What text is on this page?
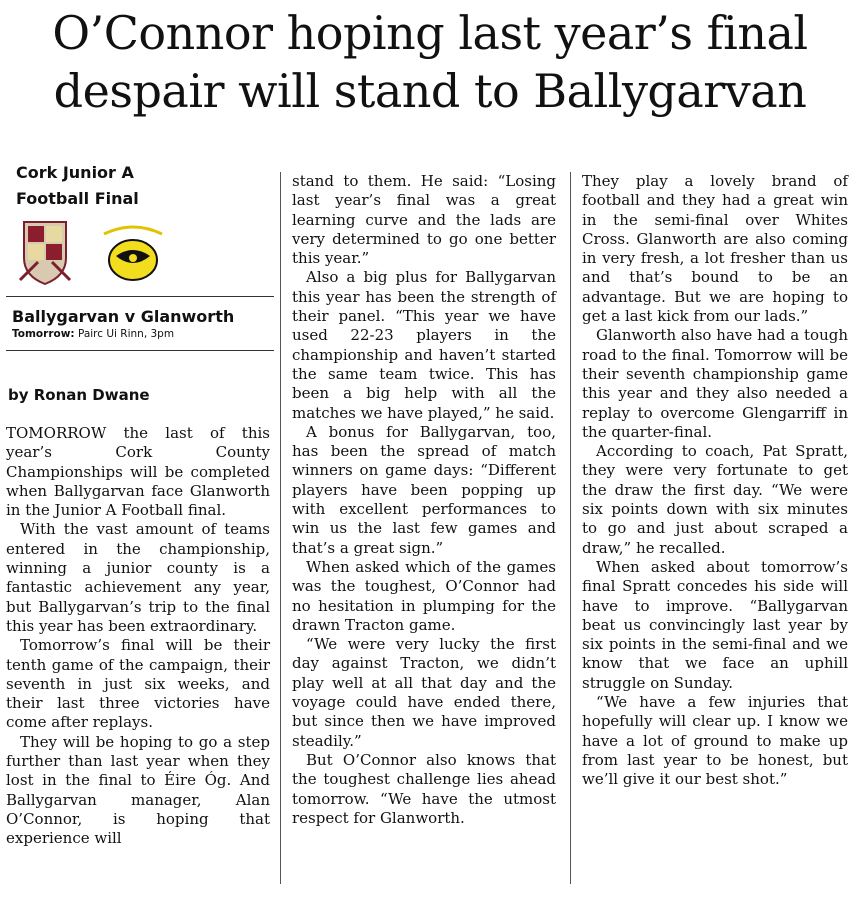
O’Connor hoping last year’s final
despair will stand to Ballygarvan
Cork Junior A
Football Final
Ballygarvan v Glanworth
Tomorrow: Pairc Ui Rinn, 3pm
by Ronan Dwane

TOMORROW the last of this year’s Cork County Championships will be completed when Ballygarvan face Glanworth in the Junior A Football final.

With the vast amount of teams entered in the championship, winning a junior county is a fantastic achievement any year, but Ballygarvan’s trip to the final this year has been extraordinary.

Tomorrow’s final will be their tenth game of the campaign, their seventh in just six weeks, and their last three victories have come after replays.

They will be hoping to go a step further than last year when they lost in the final to Éire Óg. And Ballygarvan manager, Alan O’Connor, is hoping that experience will

stand to them. He said: “Losing last year’s final was a great learning curve and the lads are very determined to go one better this year.”

Also a big plus for Ballygarvan this year has been the strength of their panel. “This year we have used 22-23 players in the championship and haven’t started the same team twice. This has been a big help with all the matches we have played,” he said.

A bonus for Ballygarvan, too, has been the spread of match winners on game days: “Different players have been popping up with excellent performances to win us the last few games and that’s a great sign.”

When asked which of the games was the toughest, O’Connor had no hesitation in plumping for the drawn Tracton game.

“We were very lucky the first day against Tracton, we didn’t play well at all that day and the voyage could have ended there, but since then we have improved steadily.”

But O’Connor also knows that the toughest challenge lies ahead tomorrow. “We have the utmost respect for Glanworth.

They play a lovely brand of football and they had a great win in the semi-final over Whites Cross. Glanworth are also coming in very fresh, a lot fresher than us and that’s bound to be an advantage. But we are hoping to get a last kick from our lads.”

Glanworth also have had a tough road to the final. Tomorrow will be their seventh championship game this year and they also needed a replay to overcome Glengarriff in the quarter-final.

According to coach, Pat Spratt, they were very fortunate to get the draw the first day. “We were six points down with six minutes to go and just about scraped a draw,” he recalled.

When asked about tomorrow’s final Spratt concedes his side will have to improve. “Ballygarvan beat us convincingly last year by six points in the semi-final and we know that we face an uphill struggle on Sunday.

“We have a few injuries that hopefully will clear up. I know we have a lot of ground to make up from last year to be honest, but we’ll give it our best shot.”
